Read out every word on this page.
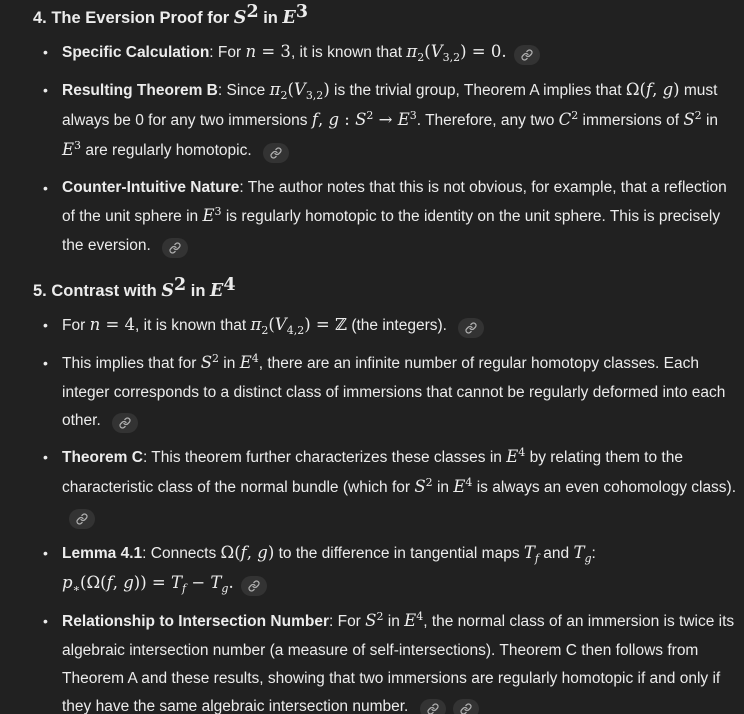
4. The Eversion Proof for S2 in E3
• Specific Calculation: For n = 3, it is known that $\pi_2(V_{3,2}) = 0$.
• Resulting Theorem B: Since $\pi_2(V_{3,2})$ is the trivial group, Theorem A implies that Ω(f, g) must always be 0 for any two immersions f, g : $S^2 \to E^3$. Therefore, any two $C^2$ immersions of $S^2$ in $E^3$ are regularly homotopic.
• Counter-Intuitive Nature: The author notes that this is not obvious, for example, that a reflection of the unit sphere in $E^3$ is regularly homotopic to the identity on the unit sphere. This is precisely the eversion.
5. Contrast with S2 in E4
• For n = 4, it is known that $\pi_2(V_{4,2})$ = ℤ (the integers).
• This implies that for $S^2$ in $E^4$, there are an infinite number of regular homotopy classes. Each integer corresponds to a distinct class of immersions that cannot be regularly deformed into each other.
• Theorem C: This theorem further characterizes these classes in $E^4$ by relating them to the characteristic class of the normal bundle (which for $S^2$ in $E^4$ is always an even cohomology class).
• Lemma 4.1: Connects Ω(f, g) to the difference in tangential maps $T_f$ and $T_g$:
$p_∗(\Omega(f$, $g)) = T_f - T_g$.
• Relationship to Intersection Number: For $S^2$ in $E^4$, the normal class of an immersion is twice its algebraic intersection number (a measure of self-intersections). Theorem C then follows from Theorem A and these results, showing that two immersions are regularly homotopic if and only if they have the same algebraic intersection number.
